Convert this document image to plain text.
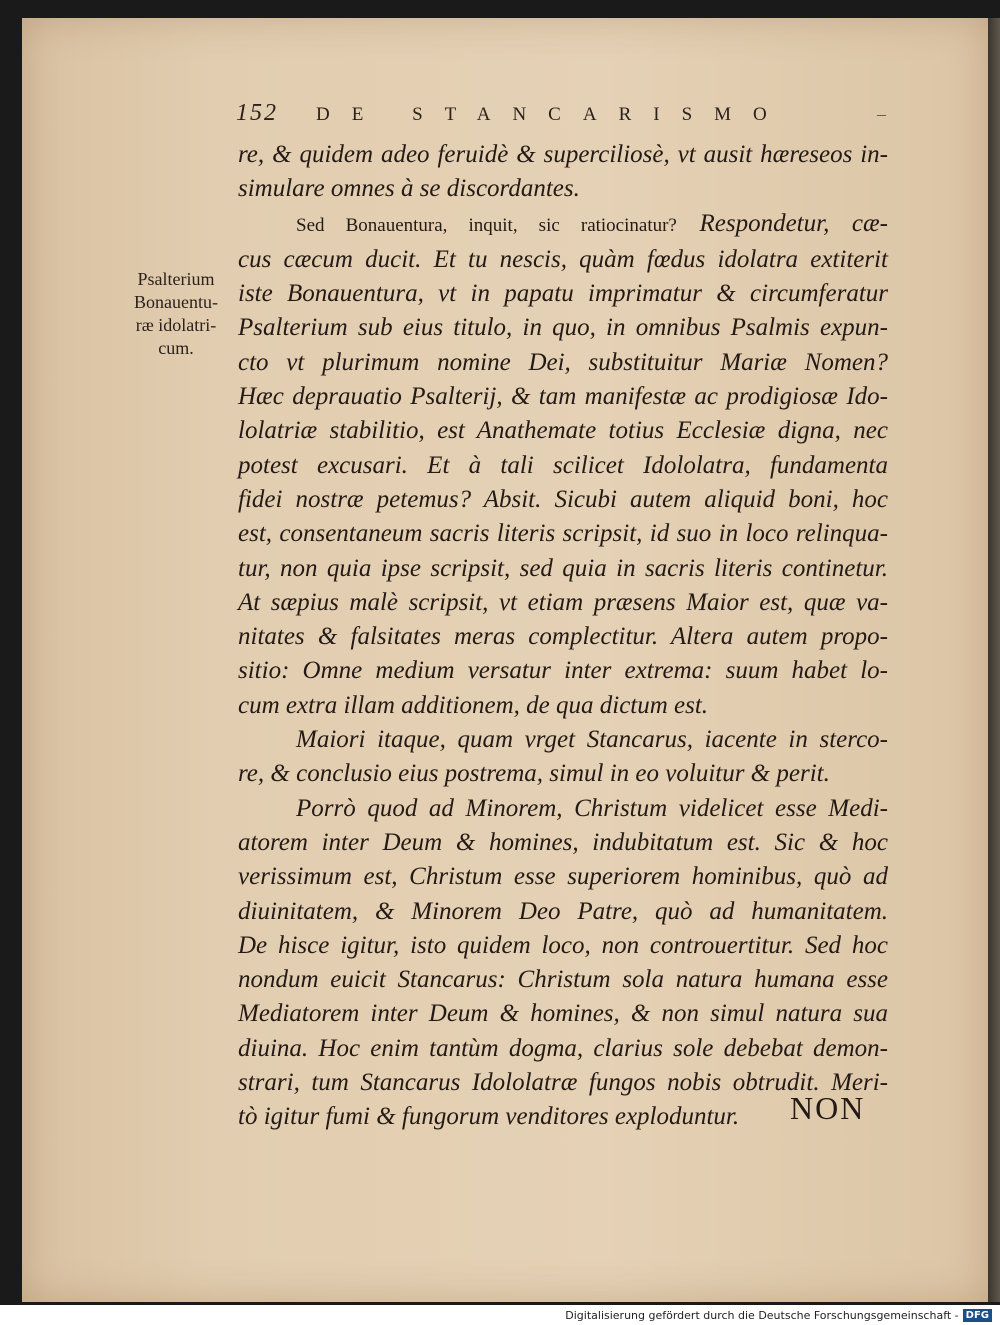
152	DE STANCARISMO	–
Psalterium
Bonauentu-
ræ idolatri-
cum.
re, & quidem adeo feruidè & superciliosè, vt ausit hæreseos in-
simulare omnes à se discordantes.
Sed Bonauentura, inquit, sic ratiocinatur? Respondetur, cæ-
cus cæcum ducit. Et tu nescis, quàm fœdus idolatra extiterit
iste Bonauentura, vt in papatu imprimatur & circumferatur
Psalterium sub eius titulo, in quo, in omnibus Psalmis expun-
cto vt plurimum nomine Dei, substituitur Mariæ Nomen?
Hæc deprauatio Psalterij, & tam manifestæ ac prodigiosæ Ido-
lolatriæ stabilitio, est Anathemate totius Ecclesiæ digna, nec
potest excusari. Et à tali scilicet Idololatra, fundamenta
fidei nostræ petemus? Absit. Sicubi autem aliquid boni, hoc
est, consentaneum sacris literis scripsit, id suo in loco relinqua-
tur, non quia ipse scripsit, sed quia in sacris literis continetur.
At sæpius malè scripsit, vt etiam præsens Maior est, quæ va-
nitates & falsitates meras complectitur. Altera autem propo-
sitio: Omne medium versatur inter extrema: suum habet lo-
cum extra illam additionem, de qua dictum est.
Maiori itaque, quam vrget Stancarus, iacente in sterco-
re, & conclusio eius postrema, simul in eo voluitur & perit.
Porrò quod ad Minorem, Christum videlicet esse Medi-
atorem inter Deum & homines, indubitatum est. Sic & hoc
verissimum est, Christum esse superiorem hominibus, quò ad
diuinitatem, & Minorem Deo Patre, quò ad humanitatem.
De hisce igitur, isto quidem loco, non controuertitur. Sed hoc
nondum euicit Stancarus: Christum sola natura humana esse
Mediatorem inter Deum & homines, & non simul natura sua
diuina. Hoc enim tantùm dogma, clarius sole debebat demon-
strari, tum Stancarus Idololatræ fungos nobis obtrudit. Meri-
tò igitur fumi & fungorum venditores exploduntur.	NON
Digitalisierung gefördert durch die Deutsche Forschungsgemeinschaft - DFG
